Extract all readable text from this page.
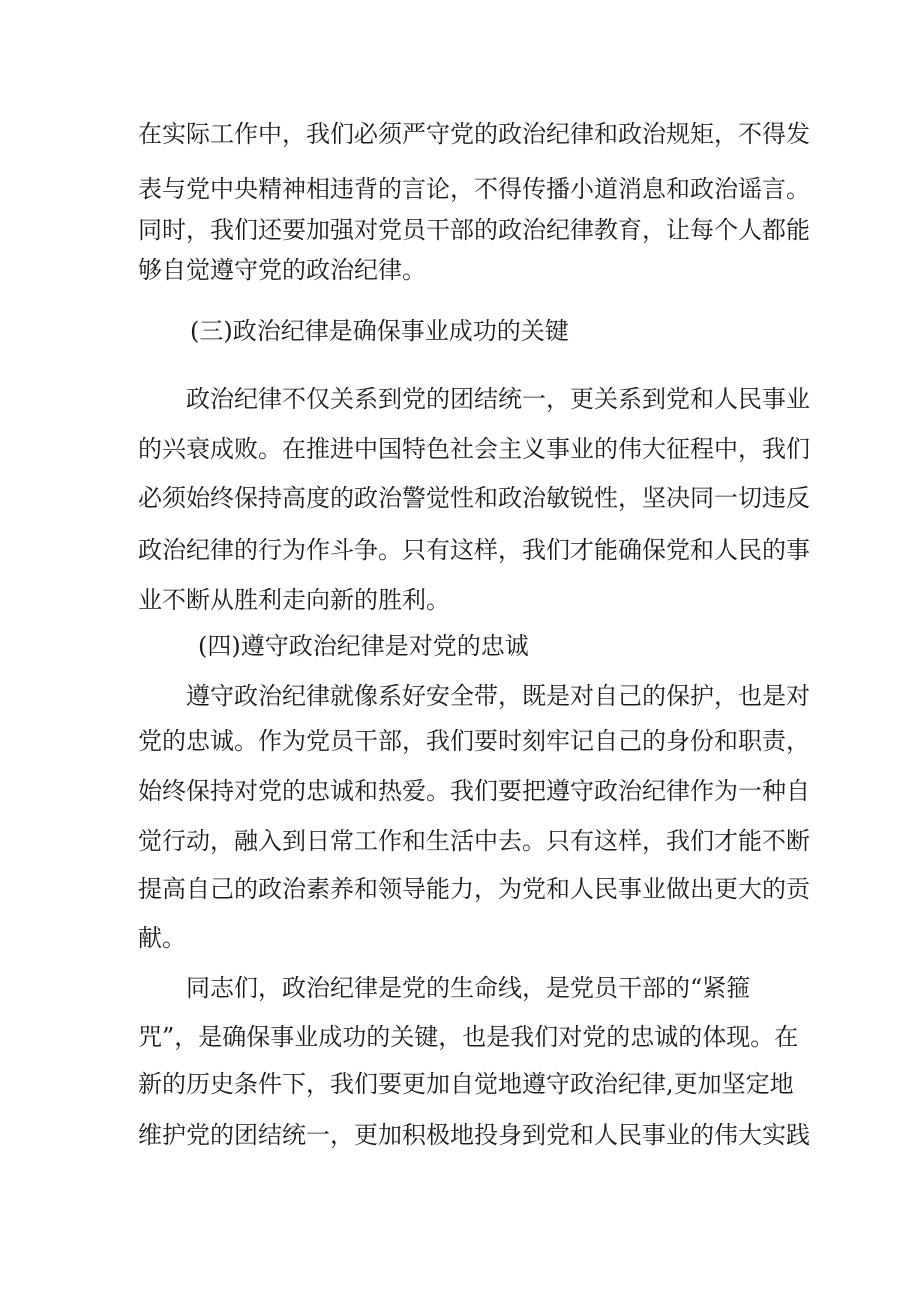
在实际工作中，我们必须严守党的政治纪律和政治规矩，不得发
表与党中央精神相违背的言论，不得传播小道消息和政治谣言。
同时，我们还要加强对党员干部的政治纪律教育，让每个人都能
够自觉遵守党的政治纪律。
(三)政治纪律是确保事业成功的关键
政治纪律不仅关系到党的团结统一，更关系到党和人民事业
的兴衰成败。在推进中国特色社会主义事业的伟大征程中，我们
必须始终保持高度的政治警觉性和政治敏锐性，坚决同一切违反
政治纪律的行为作斗争。只有这样，我们才能确保党和人民的事
业不断从胜利走向新的胜利。
(四)遵守政治纪律是对党的忠诚
遵守政治纪律就像系好安全带，既是对自己的保护，也是对
党的忠诚。作为党员干部，我们要时刻牢记自己的身份和职责，
始终保持对党的忠诚和热爱。我们要把遵守政治纪律作为一种自
觉行动，融入到日常工作和生活中去。只有这样，我们才能不断
提高自己的政治素养和领导能力，为党和人民事业做出更大的贡
献。
同志们，政治纪律是党的生命线，是党员干部的“紧箍
咒”，是确保事业成功的关键，也是我们对党的忠诚的体现。在
新的历史条件下，我们要更加自觉地遵守政治纪律,更加坚定地
维护党的团结统一，更加积极地投身到党和人民事业的伟大实践
